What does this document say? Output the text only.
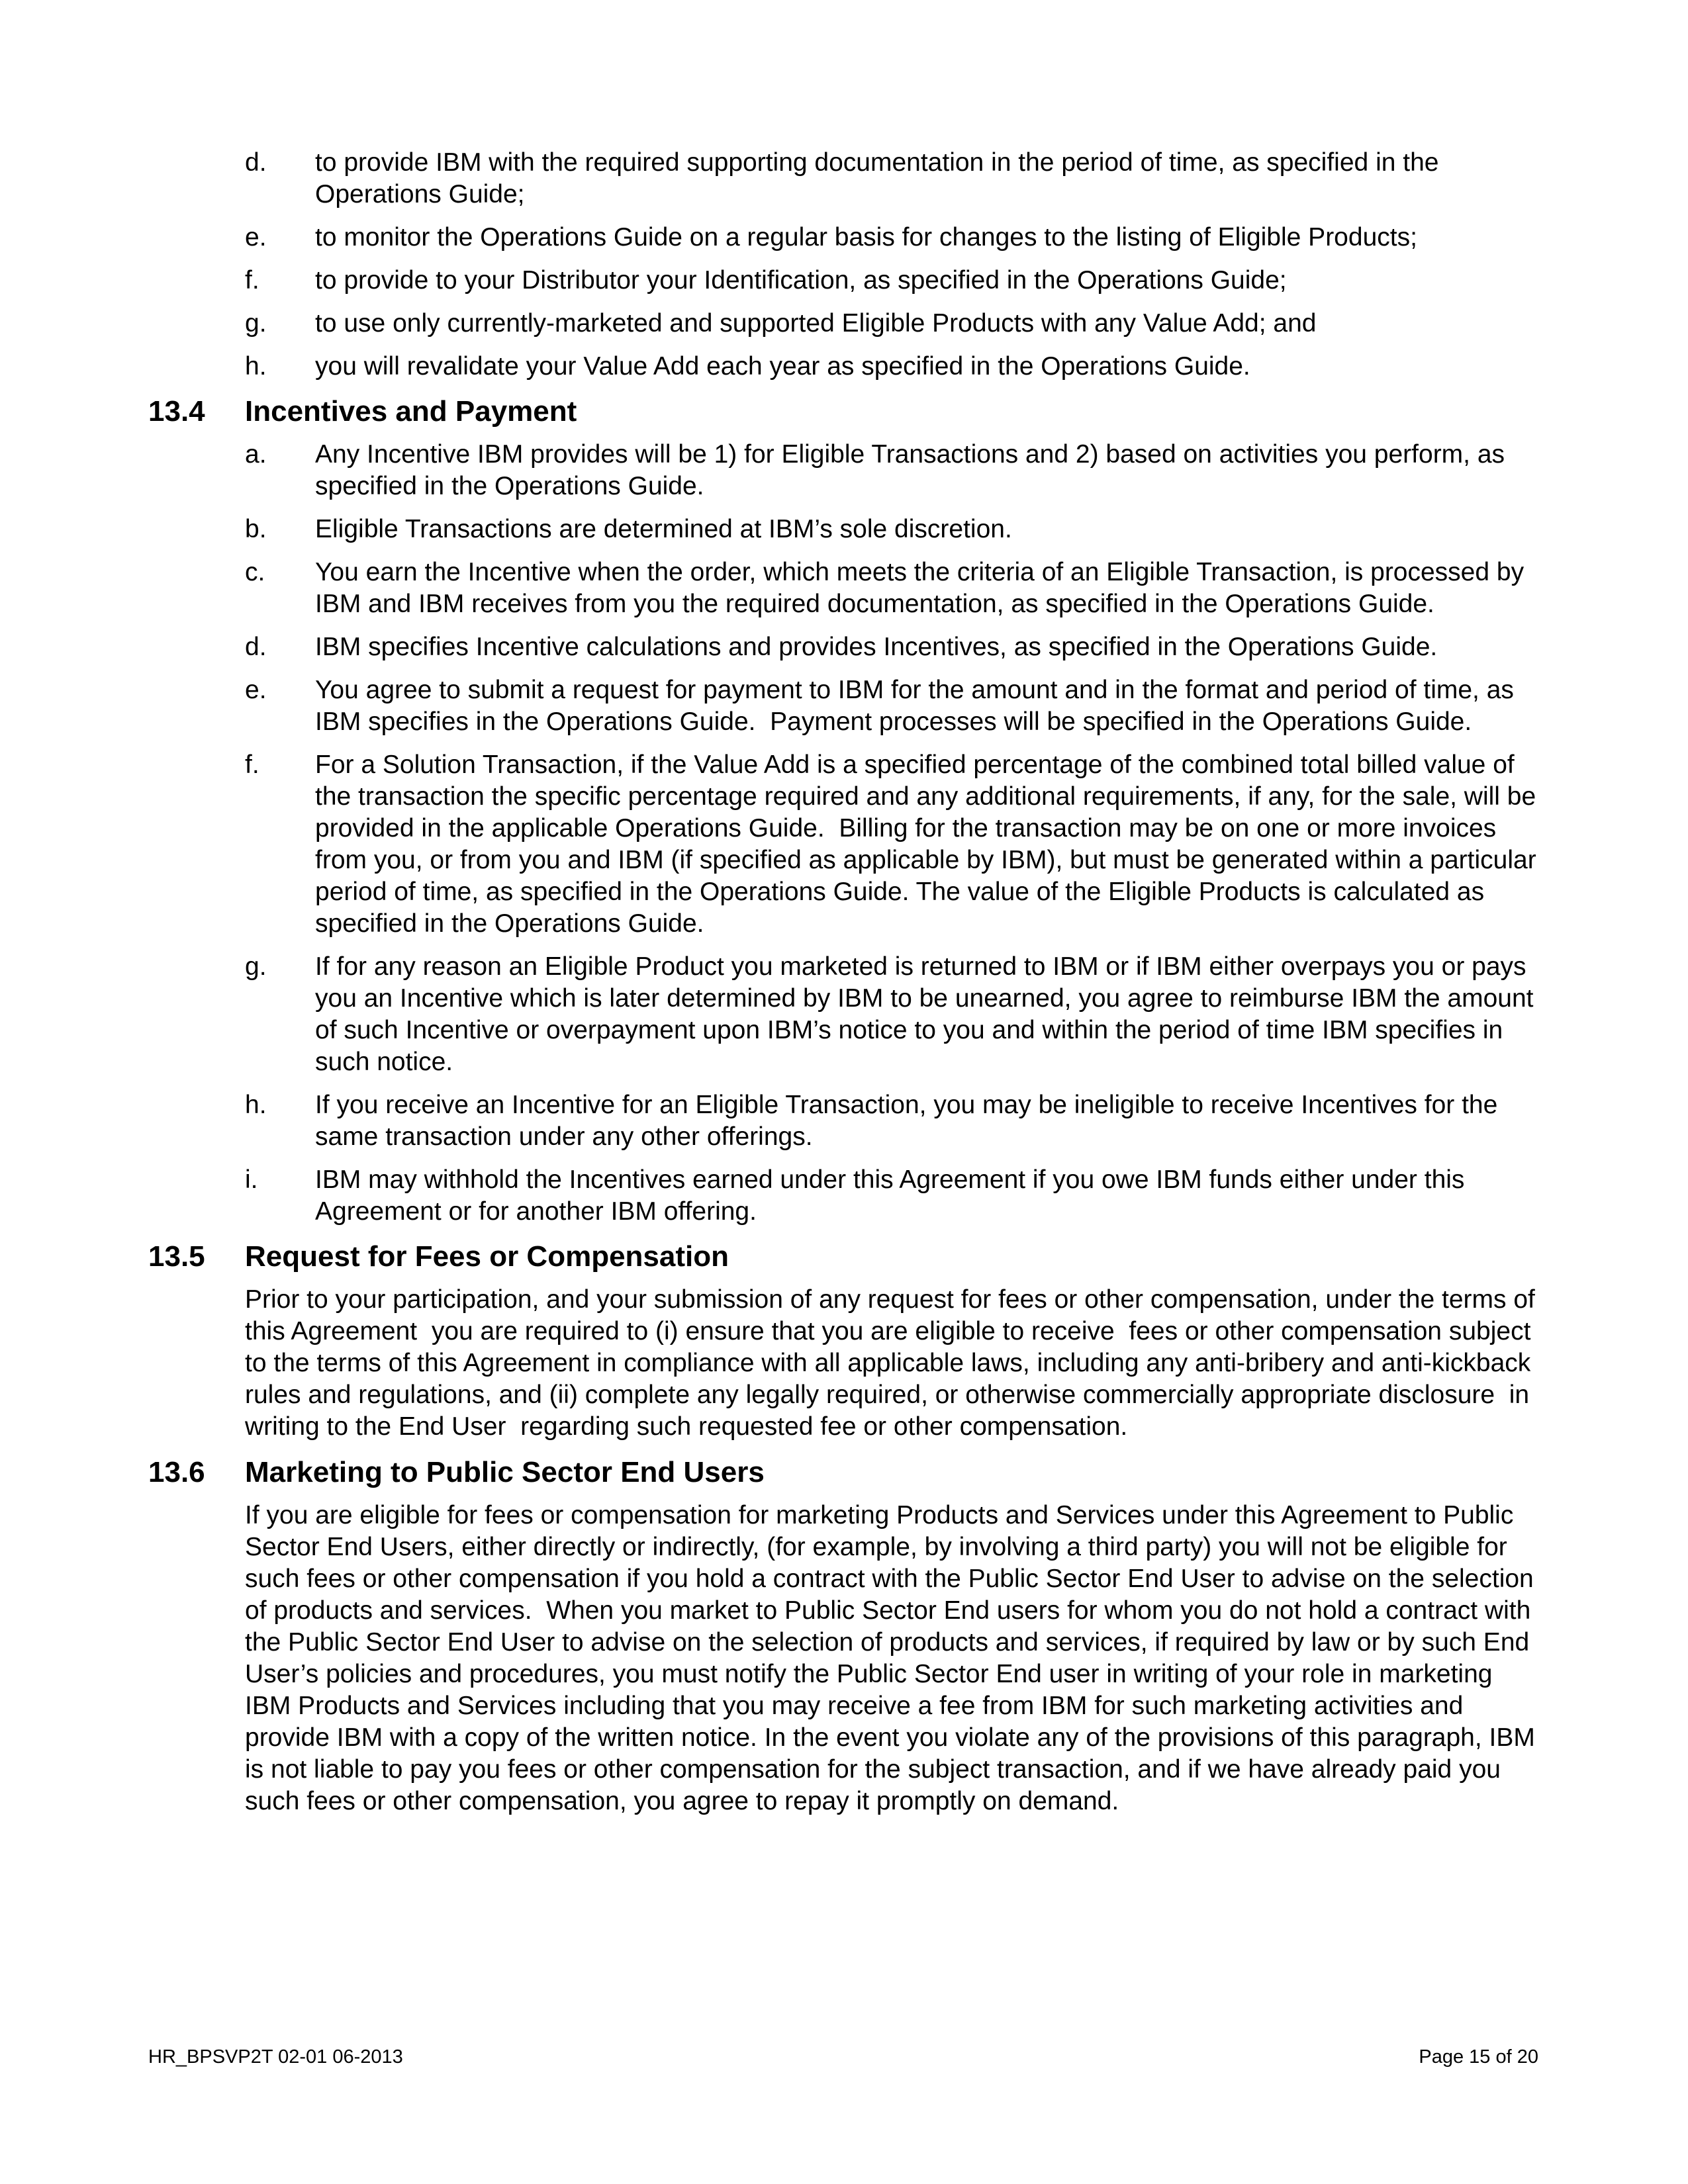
d.	to provide IBM with the required supporting documentation in the period of time, as specified in the Operations Guide;
e.	to monitor the Operations Guide on a regular basis for changes to the listing of Eligible Products;
f.	to provide to your Distributor your Identification, as specified in the Operations Guide;
g.	to use only currently-marketed and supported Eligible Products with any Value Add; and
h.	you will revalidate your Value Add each year as specified in the Operations Guide.
13.4	Incentives and Payment
a.	Any Incentive IBM provides will be 1) for Eligible Transactions and 2) based on activities you perform, as specified in the Operations Guide.
b.	Eligible Transactions are determined at IBM’s sole discretion.
c.	You earn the Incentive when the order, which meets the criteria of an Eligible Transaction, is processed by IBM and IBM receives from you the required documentation, as specified in the Operations Guide.
d.	IBM specifies Incentive calculations and provides Incentives, as specified in the Operations Guide.
e.	You agree to submit a request for payment to IBM for the amount and in the format and period of time, as IBM specifies in the Operations Guide.  Payment processes will be specified in the Operations Guide.
f.	For a Solution Transaction, if the Value Add is a specified percentage of the combined total billed value of the transaction the specific percentage required and any additional requirements, if any, for the sale, will be provided in the applicable Operations Guide.  Billing for the transaction may be on one or more invoices from you, or from you and IBM (if specified as applicable by IBM), but must be generated within a particular period of time, as specified in the Operations Guide. The value of the Eligible Products is calculated as specified in the Operations Guide.
g.	If for any reason an Eligible Product you marketed is returned to IBM or if IBM either overpays you or pays you an Incentive which is later determined by IBM to be unearned, you agree to reimburse IBM the amount of such Incentive or overpayment upon IBM’s notice to you and within the period of time IBM specifies in such notice.
h.	If you receive an Incentive for an Eligible Transaction, you may be ineligible to receive Incentives for the same transaction under any other offerings.
i.	IBM may withhold the Incentives earned under this Agreement if you owe IBM funds either under this Agreement or for another IBM offering.
13.5	Request for Fees or Compensation
Prior to your participation, and your submission of any request for fees or other compensation, under the terms of this Agreement  you are required to (i) ensure that you are eligible to receive  fees or other compensation subject to the terms of this Agreement in compliance with all applicable laws, including any anti-bribery and anti-kickback rules and regulations, and (ii) complete any legally required, or otherwise commercially appropriate disclosure  in writing to the End User  regarding such requested fee or other compensation.
13.6	Marketing to Public Sector End Users
If you are eligible for fees or compensation for marketing Products and Services under this Agreement to Public Sector End Users, either directly or indirectly, (for example, by involving a third party) you will not be eligible for such fees or other compensation if you hold a contract with the Public Sector End User to advise on the selection of products and services.  When you market to Public Sector End users for whom you do not hold a contract with the Public Sector End User to advise on the selection of products and services, if required by law or by such End User’s policies and procedures, you must notify the Public Sector End user in writing of your role in marketing IBM Products and Services including that you may receive a fee from IBM for such marketing activities and provide IBM with a copy of the written notice. In the event you violate any of the provisions of this paragraph, IBM is not liable to pay you fees or other compensation for the subject transaction, and if we have already paid you such fees or other compensation, you agree to repay it promptly on demand.
HR_BPSVP2T 02-01 06-2013	Page 15 of 20
